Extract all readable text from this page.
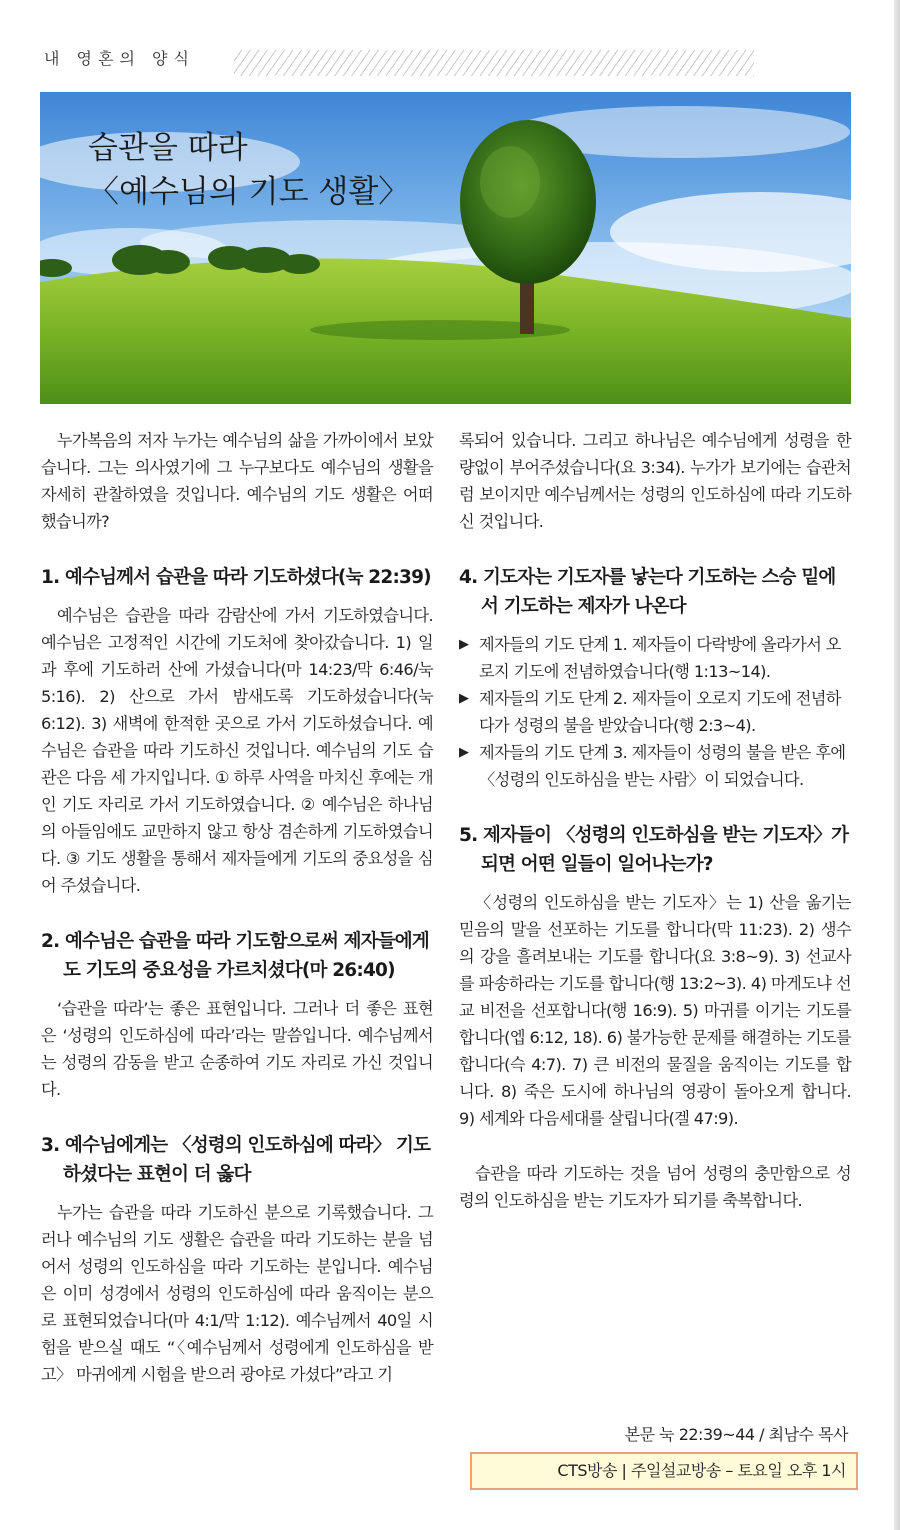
내 영혼의 양식
습관을 따라
〈예수님의 기도 생활〉

누가복음의 저자 누가는 예수님의 삶을 가까이에서 보았습니다. 그는 의사였기에 그 누구보다도 예수님의 생활을 자세히 관찰하였을 것입니다. 예수님의 기도 생활은 어떠했습니까?

1. 예수님께서 습관을 따라 기도하셨다(눅 22:39)

예수님은 습관을 따라 감람산에 가서 기도하였습니다. 예수님은 고정적인 시간에 기도처에 찾아갔습니다. 1) 일과 후에 기도하러 산에 가셨습니다(마 14:23/막 6:46/눅 5:16). 2) 산으로 가서 밤새도록 기도하셨습니다(눅 6:12). 3) 새벽에 한적한 곳으로 가서 기도하셨습니다. 예수님은 습관을 따라 기도하신 것입니다. 예수님의 기도 습관은 다음 세 가지입니다. ① 하루 사역을 마치신 후에는 개인 기도 자리로 가서 기도하였습니다. ② 예수님은 하나님의 아들임에도 교만하지 않고 항상 겸손하게 기도하였습니다. ③ 기도 생활을 통해서 제자들에게 기도의 중요성을 심어 주셨습니다.

2. 예수님은 습관을 따라 기도함으로써 제자들에게도 기도의 중요성을 가르치셨다(마 26:40)

‘습관을 따라’는 좋은 표현입니다. 그러나 더 좋은 표현은 ‘성령의 인도하심에 따라’라는 말씀입니다. 예수님께서는 성령의 감동을 받고 순종하여 기도 자리로 가신 것입니다.

3. 예수님에게는 〈성령의 인도하심에 따라〉 기도하셨다는 표현이 더 옳다

누가는 습관을 따라 기도하신 분으로 기록했습니다. 그러나 예수님의 기도 생활은 습관을 따라 기도하는 분을 넘어서 성령의 인도하심을 따라 기도하는 분입니다. 예수님은 이미 성경에서 성령의 인도하심에 따라 움직이는 분으로 표현되었습니다(마 4:1/막 1:12). 예수님께서 40일 시험을 받으실 때도 “〈예수님께서 성령에게 인도하심을 받고〉 마귀에게 시험을 받으러 광야로 가셨다”라고 기

록되어 있습니다. 그리고 하나님은 예수님에게 성령을 한량없이 부어주셨습니다(요 3:34). 누가가 보기에는 습관처럼 보이지만 예수님께서는 성령의 인도하심에 따라 기도하신 것입니다.

4. 기도자는 기도자를 낳는다 기도하는 스승 밑에서 기도하는 제자가 나온다
▶ 제자들의 기도 단계 1. 제자들이 다락방에 올라가서 오로지 기도에 전념하였습니다(행 1:13~14).
▶ 제자들의 기도 단계 2. 제자들이 오로지 기도에 전념하다가 성령의 불을 받았습니다(행 2:3~4).
▶ 제자들의 기도 단계 3. 제자들이 성령의 불을 받은 후에 〈성령의 인도하심을 받는 사람〉이 되었습니다.
5. 제자들이 〈성령의 인도하심을 받는 기도자〉가 되면 어떤 일들이 일어나는가?

〈성령의 인도하심을 받는 기도자〉는 1) 산을 옮기는 믿음의 말을 선포하는 기도를 합니다(막 11:23). 2) 생수의 강을 흘려보내는 기도를 합니다(요 3:8~9). 3) 선교사를 파송하라는 기도를 합니다(행 13:2~3). 4) 마게도냐 선교 비전을 선포합니다(행 16:9). 5) 마귀를 이기는 기도를 합니다(엡 6:12, 18). 6) 불가능한 문제를 해결하는 기도를 합니다(슥 4:7). 7) 큰 비전의 물질을 움직이는 기도를 합니다. 8) 죽은 도시에 하나님의 영광이 돌아오게 합니다. 9) 세계와 다음세대를 살립니다(겔 47:9).

습관을 따라 기도하는 것을 넘어 성령의 충만함으로 성령의 인도하심을 받는 기도자가 되기를 축복합니다.

본문 눅 22:39~44 / 최남수 목사
CTS방송 | 주일설교방송 – 토요일 오후 1시
